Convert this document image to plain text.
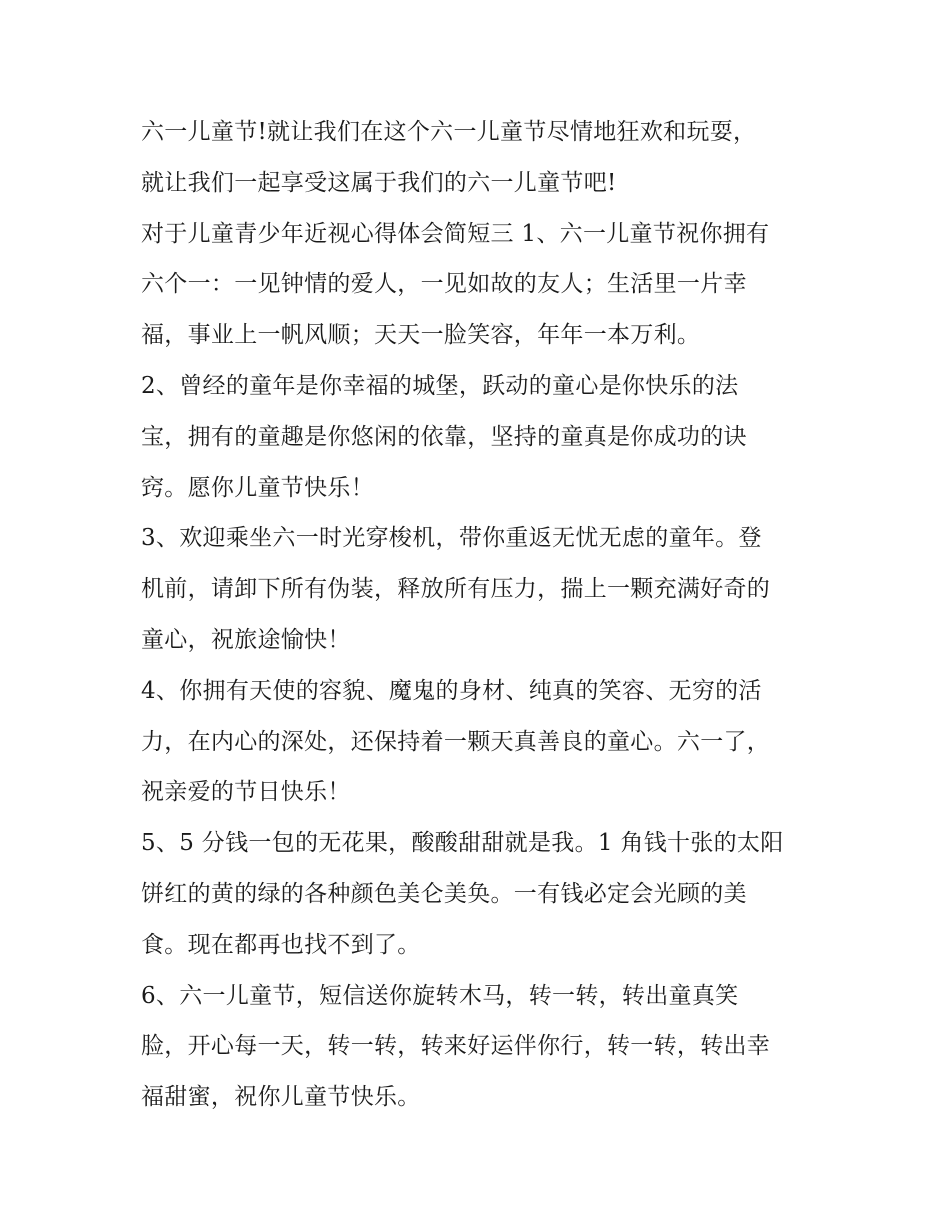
六一儿童节!就让我们在这个六一儿童节尽情地狂欢和玩耍，
就让我们一起享受这属于我们的六一儿童节吧!
对于儿童青少年近视心得体会简短三 1、六一儿童节祝你拥有
六个一：一见钟情的爱人，一见如故的友人；生活里一片幸
福，事业上一帆风顺；天天一脸笑容，年年一本万利。
2、曾经的童年是你幸福的城堡，跃动的童心是你快乐的法
宝，拥有的童趣是你悠闲的依靠，坚持的童真是你成功的诀
窍。愿你儿童节快乐！
3、欢迎乘坐六一时光穿梭机，带你重返无忧无虑的童年。登
机前，请卸下所有伪装，释放所有压力，揣上一颗充满好奇的
童心，祝旅途愉快！
4、你拥有天使的容貌、魔鬼的身材、纯真的笑容、无穷的活
力，在内心的深处，还保持着一颗天真善良的童心。六一了，
祝亲爱的节日快乐！
5、5 分钱一包的无花果，酸酸甜甜就是我。1 角钱十张的太阳
饼红的黄的绿的各种颜色美仑美奂。一有钱必定会光顾的美
食。现在都再也找不到了。
6、六一儿童节，短信送你旋转木马，转一转，转出童真笑
脸，开心每一天，转一转，转来好运伴你行，转一转，转出幸
福甜蜜，祝你儿童节快乐。
